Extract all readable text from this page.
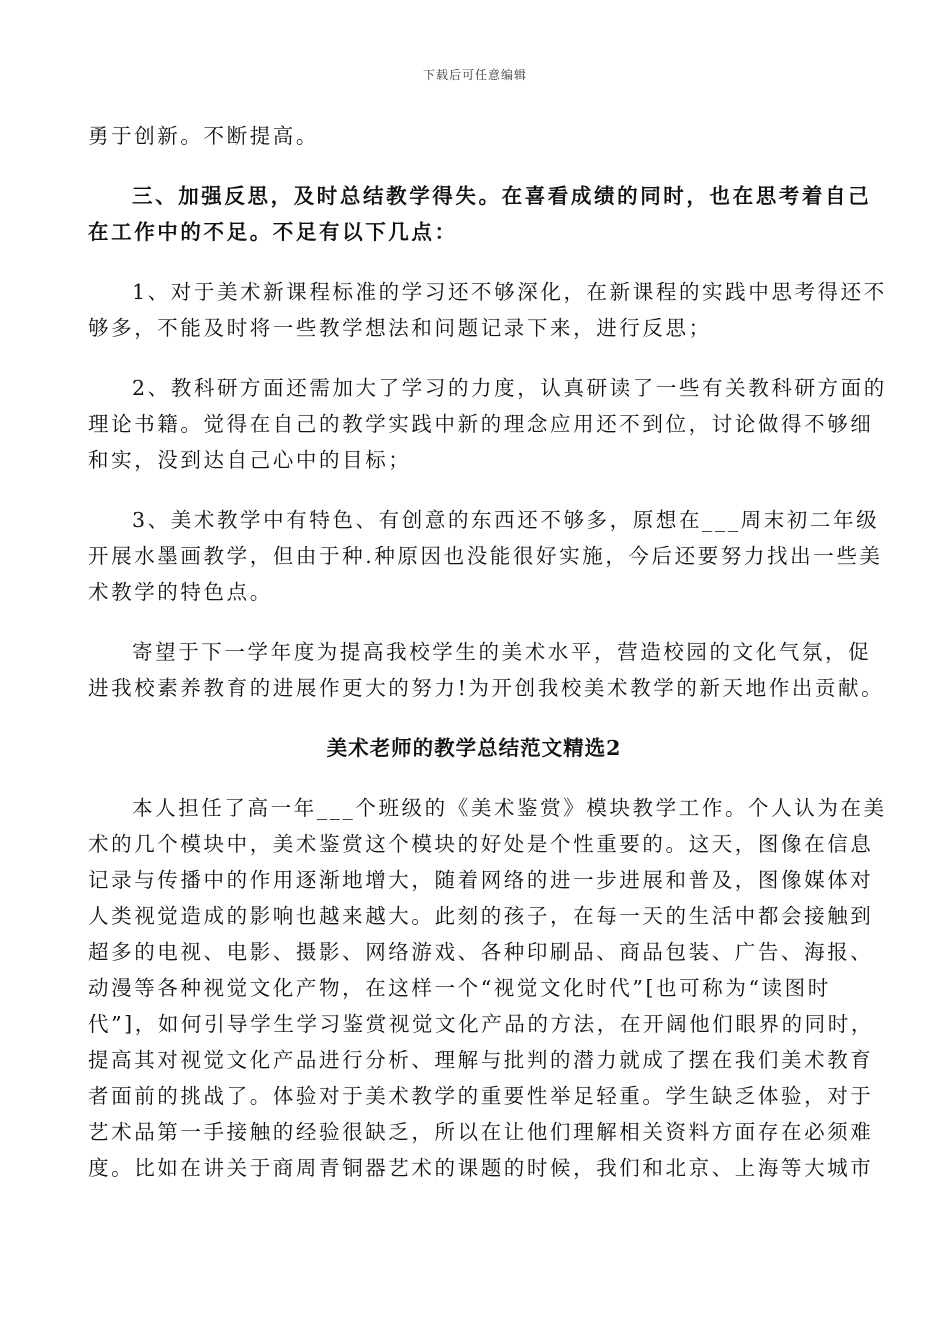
下载后可任意编辑
勇于创新。不断提高。
三、加强反思，及时总结教学得失。在喜看成绩的同时，也在思考着自己
在工作中的不足。不足有以下几点：
1、对于美术新课程标准的学习还不够深化，在新课程的实践中思考得还不
够多，不能及时将一些教学想法和问题记录下来，进行反思；
2、教科研方面还需加大了学习的力度，认真研读了一些有关教科研方面的
理论书籍。觉得在自己的教学实践中新的理念应用还不到位，讨论做得不够细
和实，没到达自己心中的目标；
3、美术教学中有特色、有创意的东西还不够多，原想在___周末初二年级
开展水墨画教学，但由于种.种原因也没能很好实施，今后还要努力找出一些美
术教学的特色点。
寄望于下一学年度为提高我校学生的美术水平，营造校园的文化气氛，促
进我校素养教育的进展作更大的努力!为开创我校美术教学的新天地作出贡献。
美术老师的教学总结范文精选2
本人担任了高一年___个班级的《美术鉴赏》模块教学工作。个人认为在美
术的几个模块中，美术鉴赏这个模块的好处是个性重要的。这天，图像在信息
记录与传播中的作用逐渐地增大，随着网络的进一步进展和普及，图像媒体对
人类视觉造成的影响也越来越大。此刻的孩子，在每一天的生活中都会接触到
超多的电视、电影、摄影、网络游戏、各种印刷品、商品包装、广告、海报、
动漫等各种视觉文化产物，在这样一个“视觉文化时代”[也可称为“读图时
代”]，如何引导学生学习鉴赏视觉文化产品的方法，在开阔他们眼界的同时，
提高其对视觉文化产品进行分析、理解与批判的潜力就成了摆在我们美术教育
者面前的挑战了。体验对于美术教学的重要性举足轻重。学生缺乏体验，对于
艺术品第一手接触的经验很缺乏，所以在让他们理解相关资料方面存在必须难
度。比如在讲关于商周青铜器艺术的课题的时候，我们和北京、上海等大城市
